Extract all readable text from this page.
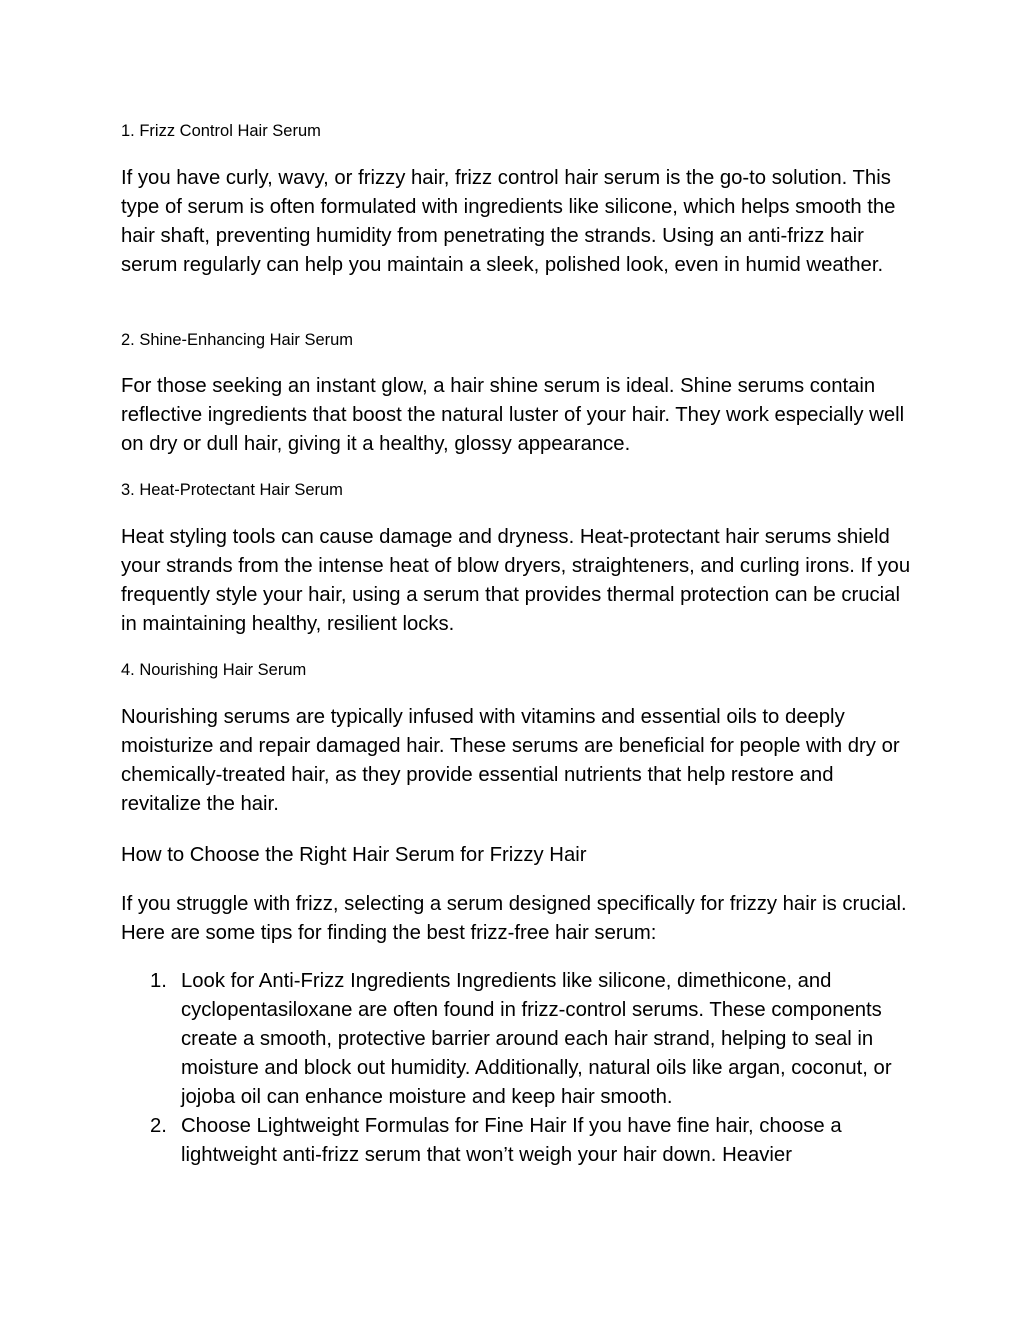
1. Frizz Control Hair Serum
If you have curly, wavy, or frizzy hair, frizz control hair serum is the go-to solution. This type of serum is often formulated with ingredients like silicone, which helps smooth the hair shaft, preventing humidity from penetrating the strands. Using an anti-frizz hair serum regularly can help you maintain a sleek, polished look, even in humid weather.
2. Shine-Enhancing Hair Serum
For those seeking an instant glow, a hair shine serum is ideal. Shine serums contain reflective ingredients that boost the natural luster of your hair. They work especially well on dry or dull hair, giving it a healthy, glossy appearance.
3. Heat-Protectant Hair Serum
Heat styling tools can cause damage and dryness. Heat-protectant hair serums shield your strands from the intense heat of blow dryers, straighteners, and curling irons. If you frequently style your hair, using a serum that provides thermal protection can be crucial in maintaining healthy, resilient locks.
4. Nourishing Hair Serum
Nourishing serums are typically infused with vitamins and essential oils to deeply moisturize and repair damaged hair. These serums are beneficial for people with dry or chemically-treated hair, as they provide essential nutrients that help restore and revitalize the hair.
How to Choose the Right Hair Serum for Frizzy Hair
If you struggle with frizz, selecting a serum designed specifically for frizzy hair is crucial. Here are some tips for finding the best frizz-free hair serum:
1. Look for Anti-Frizz Ingredients Ingredients like silicone, dimethicone, and cyclopentasiloxane are often found in frizz-control serums. These components create a smooth, protective barrier around each hair strand, helping to seal in moisture and block out humidity. Additionally, natural oils like argan, coconut, or jojoba oil can enhance moisture and keep hair smooth.
2. Choose Lightweight Formulas for Fine Hair If you have fine hair, choose a lightweight anti-frizz serum that won’t weigh your hair down. Heavier
